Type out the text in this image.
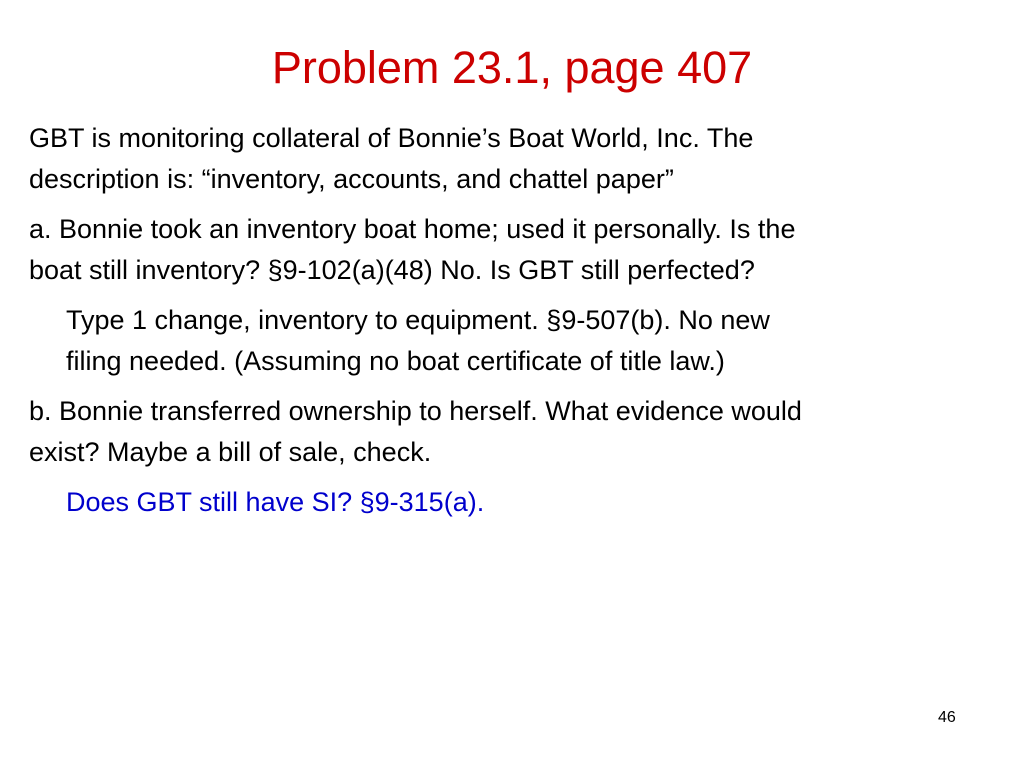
Problem 23.1, page 407
GBT is monitoring collateral of Bonnie’s Boat World, Inc. The
description is: “inventory, accounts, and chattel paper”
a. Bonnie took an inventory boat home; used it personally. Is the
boat still inventory? §9-102(a)(48) No. Is GBT still perfected?
Type 1 change, inventory to equipment. §9-507(b). No new
filing needed. (Assuming no boat certificate of title law.)
b. Bonnie transferred ownership to herself. What evidence would
exist? Maybe a bill of sale, check.
Does GBT still have SI? §9-315(a).
46
